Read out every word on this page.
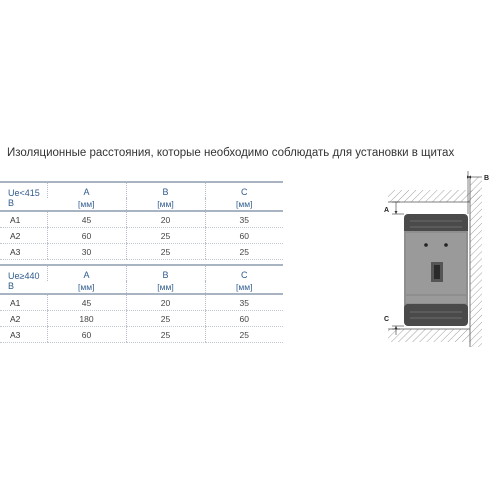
Изоляционные расстояния, которые необходимо соблюдать для установки в щитах
Ue<415 В	A	B	C
	[мм]	[мм]	[мм]
A1	45	20	35
A2	60	25	60
A3	30	25	25
Ue≥440 В	A	B	C
	[мм]	[мм]	[мм]
A1	45	20	35
A2	180	25	60
A3	60	25	25
A
B
C
